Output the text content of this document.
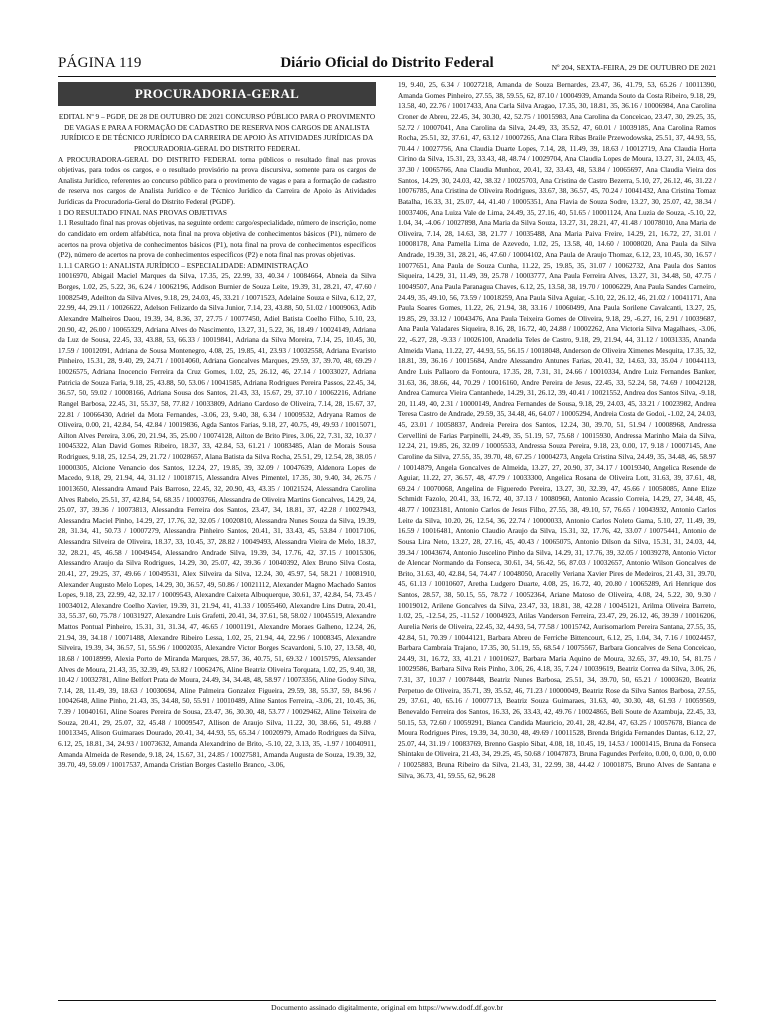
PÁGINA 119	Diário Oficial do Distrito Federal	Nº 204, SEXTA-FEIRA, 29 DE OUTUBRO DE 2021
PROCURADORIA-GERAL
EDITAL Nº 9 – PGDF, DE 28 DE OUTUBRO DE 2021 CONCURSO PÚBLICO PARA O PROVIMENTO DE VAGAS E PARA A FORMAÇÃO DE CADASTRO DE RESERVA NOS CARGOS DE ANALISTA JURÍDICO E DE TÉCNICO JURÍDICO DA CARREIRA DE APOIO ÀS ATIVIDADES JURÍDICAS DA PROCURADORIA-GERAL DO DISTRITO FEDERAL

A PROCURADORA-GERAL DO DISTRITO FEDERAL torna públicos o resultado final nas provas objetivas, para todos os cargos, e o resultado provisório na prova discursiva, somente para os cargos de Analista Jurídico, referentes ao concurso público para o provimento de vagas e para a formação de cadastro de reserva nos cargos de Analista Jurídico e de Técnico Jurídico da Carreira de Apoio às Atividades Jurídicas da Procuradoria-Geral do Distrito Federal (PGDF).

1 DO RESULTADO FINAL NAS PROVAS OBJETIVAS

1.1 Resultado final nas provas objetivas, na seguinte ordem: cargo/especialidade, número de inscrição, nome do candidato em ordem alfabética, nota final na prova objetiva de conhecimentos básicos (P1), número de acertos na prova objetiva de conhecimentos básicos (P1), nota final na prova de conhecimentos específicos (P2), número de acertos na prova de conhecimentos específicos (P2) e nota final nas provas objetivas.

1.1.1 CARGO 1: ANALISTA JURÍDICO – ESPECIALIDADE: ADMINISTRAÇÃO

10016970, Abigail Maciel Marques da Silva, 17.35, 25, 22.99, 33, 40.34 / 10084664, Abneia da Silva Borges, 1.02, 25, 5.22, 36, 6.24 / 10062196, Addison Burnier de Souza Leite, 19.39, 31, 28.21, 47, 47.60 / 10082549, Adeilton da Silva Alves, 9.18, 29, 24.03, 45, 33.21 / 10071523, Adelaine Souza e Silva, 6.12, 27, 22.99, 44, 29.11 / 10026622, Adelson Felizardo da Silva Junior, 7.14, 23, 43.88, 50, 51.02 / 10009063, Adib Alexandre Malheiros Daou, 19.39, 34, 8.36, 37, 27.75 / 10077450, Adiel Batista Coelho Filho, 5.10, 23, 20.90, 42, 26.00 / 10065329, Adriana Alves do Nascimento, 13.27, 31, 5.22, 36, 18.49 / 10024149, Adriana da Luz de Sousa, 22.45, 33, 43.88, 53, 66.33 / 10019841, Adriana da Silva Moreira, 7.14, 25, 10.45, 30, 17.59 / 10012091, Adriana de Sousa Montenegro, 4.08, 25, 19.85, 41, 23.93 / 10032558, Adriana Evaristo Pinheiro, 15.31, 28, 9.40, 29, 24.71 / 10014060, Adriana Goncalves Marques, 29.59, 37, 39.70, 48, 69.29 / 10026575, Adriana Inocencio Ferreira da Cruz Gomes, 1.02, 25, 26.12, 46, 27.14 / 10033027, Adriana Patricia de Souza Faria, 9.18, 25, 43.88, 50, 53.06 / 10041585, Adriana Rodrigues Pereira Passos, 22.45, 34, 36.57, 50, 59.02 / 10008166, Adriana Sousa dos Santos, 21.43, 33, 15.67, 29, 37.10 / 10062216, Adriane Rangel Barbosa, 22.45, 31, 55.37, 58, 77.82 / 10033809, Adriano Cardoso de Oliveira, 7.14, 28, 15.67, 37, 22.81 / 10066430, Adriel da Mota Fernandes, -3.06, 23, 9.40, 38, 6.34 / 10009532, Adryana Ramos de Oliveira, 0.00, 21, 42.84, 54, 42.84 / 10019836, Agda Santos Farias, 9.18, 27, 40.75, 49, 49.93 / 10015071, Ailton Alves Pereira, 3.06, 20, 21.94, 35, 25.00 / 10074128, Ailton de Brito Pires, 3.06, 22, 7.31, 32, 10.37 / 10045322, Alan David Gomes Ribeiro, 18.37, 33, 42.84, 53, 61.21 / 10083485, Alan de Morais Sousa Rodrigues, 9.18, 25, 12.54, 29, 21.72 / 10028657, Alana Batista da Silva Rocha, 25.51, 29, 12.54, 28, 38.05 / 10000305, Alcione Venancio dos Santos, 12.24, 27, 19.85, 39, 32.09 / 10047639, Aldenora Lopes de Macedo, 9.18, 29, 21.94, 44, 31.12 / 10018715, Alessandra Alves Pimentel, 17.35, 30, 9.40, 34, 26.75 / 10013650, Alessandra Amaud Pais Barroso, 22.45, 32, 20.90, 43, 43.35 / 10021524, Alessandra Carolina Alves Rabelo, 25.51, 37, 42.84, 54, 68.35 / 10003766, Alessandra de Oliveira Martins Goncalves, 14.29, 24, 25.07, 37, 39.36 / 10073813, Alessandra Ferreira dos Santos, 23.47, 34, 18.81, 37, 42.28 / 10027943, Alessandra Maciel Pinho, 14.29, 27, 17.76, 32, 32.05 / 10020810, Alessandra Nunes Souza da Silva, 19.39, 28, 31.34, 41, 50.73 / 10007279, Alessandra Pinheiro Santos, 20.41, 31, 33.43, 45, 53.84 / 10017106, Alessandra Silveira de Oliveira, 18.37, 33, 10.45, 37, 28.82 / 10049493, Alessandra Vieira de Melo, 18.37, 32, 28.21, 45, 46.58 / 10049454, Alessandro Andrade Silva, 19.39, 34, 17.76, 42, 37.15 / 10015306, Alessandro Araujo da Silva Rodrigues, 14.29, 30, 25.07, 42, 39.36 / 10040392, Alex Bruno Silva Costa, 20.41, 27, 29.25, 37, 49.66 / 10049531, Alex Silveira da Silva, 12.24, 30, 45.97, 54, 58.21 / 10081910, Alexander Augusto Melo Lopes, 14.29, 30, 36.57, 49, 50.86 / 10021112, Alexander Magno Machado Santos Lopes, 9.18, 23, 22.99, 42, 32.17 / 10009543, Alexandre Caixeta Albuquerque, 30.61, 37, 42.84, 54, 73.45 / 10034012, Alexandre Coelho Xavier, 19.39, 31, 21.94, 41, 41.33 / 10055460, Alexandre Lins Dutra, 20.41, 33, 55.37, 60, 75.78 / 10031927, Alexandre Luis Grafetti, 20.41, 34, 37.61, 58, 58.02 / 10045519, Alexandre Mattos Pontual Pinheiro, 15.31, 31, 31.34, 47, 46.65 / 10001191, Alexandre Moraes Galheno, 12.24, 26, 21.94, 39, 34.18 / 10071488, Alexandre Ribeiro Lessa, 1.02, 25, 21.94, 44, 22.96 / 10008345, Alexandre Silveira, 19.39, 34, 36.57, 51, 55.96 / 10002035, Alexandre Victor Borges Scavardoni, 5.10, 27, 13.58, 40, 18.68 / 10018999, Alexia Porto de Miranda Marques, 28.57, 36, 40.75, 51, 69.32 / 10015795, Alexsander Alves de Moura, 21.43, 35, 32.39, 49, 53.82 / 10062476, Aline Beatriz Oliveira Torquata, 1.02, 25, 9.40, 38, 10.42 / 10032781, Aline Belfort Prata de Moura, 24.49, 34, 34.48, 48, 58.97 / 10073356, Aline Godoy Silva, 7.14, 28, 11.49, 39, 18.63 / 10030694, Aline Palmeira Gonzalez Figueira, 29.59, 38, 55.37, 59, 84.96 / 10042648, Aline Pinho, 21.43, 35, 34.48, 50, 55.91 / 10010489, Aline Santos Ferreira, -3.06, 21, 10.45, 36, 7.39 / 10040161, Aline Soares Pereira de Sousa, 23.47, 36, 30.30, 48, 53.77 / 10029462, Aline Teixeira de Souza, 20.41, 29, 25.07, 32, 45.48 / 10009547, Allison de Araujo Silva, 11.22, 30, 38.66, 51, 49.88 / 10013345, Alison Guimaraes Dourado, 20.41, 34, 44.93, 55, 65.34 / 10020979, Amado Rodrigues da Silva, 6.12, 25, 18.81, 34, 24.93 / 10073632, Amanda Alexandrino de Brito, -5.10, 22, 3.13, 35, -1.97 / 10040911, Amanda Almeida de Resende, 9.18, 24, 15.67, 31, 24.85 / 10027581, Amanda Augusta de Souza, 19.39, 32, 39.70, 49, 59.09 / 10017537, Amanda Cristian Borges Castello Branco, -3.06,

19, 9.40, 25, 6.34 / 10027218, Amanda de Souza Bernardes, 23.47, 36, 41.79, 53, 65.26 / 10011390, Amanda Gomes Pinheiro, 27.55, 38, 59.55, 62, 87.10 / 10004939, Amanda Souto da Costa Ribeiro, 9.18, 29, 13.58, 40, 22.76 / 10017433, Ana Carla Silva Aragao, 17.35, 30, 18.81, 35, 36.16 / 10006984, Ana Carolina Croner de Abreu, 22.45, 34, 30.30, 42, 52.75 / 10015983, Ana Carolina da Conceicao, 23.47, 30, 29.25, 35, 52.72 / 10007041, Ana Carolina da Silva, 24.49, 33, 35.52, 47, 60.01 / 10039185, Ana Carolina Ramos Rocha, 25.51, 32, 37.61, 47, 63.12 / 10007265, Ana Clara Ribas Braile Przewodowska, 25.51, 37, 44.93, 55, 70.44 / 10027756, Ana Claudia Duarte Lopes, 7.14, 28, 11.49, 39, 18.63 / 10012719, Ana Claudia Horta Cirino da Silva, 15.31, 23, 33.43, 48, 48.74 / 10029704, Ana Claudia Lopes de Moura, 13.27, 31, 24.03, 45, 37.30 / 10065766, Ana Claudia Munhoz, 20.41, 32, 33.43, 48, 53.84 / 10065697, Ana Claudia Vieira dos Santos, 14.29, 30, 24.03, 42, 38.32 / 10025703, Ana Cristina de Castro Bezerra, 5.10, 27, 26.12, 46, 31.22 / 10076785, Ana Cristina de Oliveira Rodrigues, 33.67, 38, 36.57, 45, 70.24 / 10041432, Ana Cristina Tomaz Batalha, 16.33, 31, 25.07, 44, 41.40 / 10005351, Ana Flavia de Souza Sodre, 13.27, 30, 25.07, 42, 38.34 / 10037406, Ana Luiza Vale de Lima, 24.49, 35, 27.16, 40, 51.65 / 10001124, Ana Luzia de Souza, -5.10, 22, 1.04, 34, -4.06 / 10027898, Ana Maria da Silva Souza, 13.27, 31, 28.21, 47, 41.48 / 10078010, Ana Maria de Oliveira, 7.14, 28, 14.63, 38, 21.77 / 10035488, Ana Maria Paiva Freire, 14.29, 21, 16.72, 27, 31.01 / 10008178, Ana Pamella Lima de Azevedo, 1.02, 25, 13.58, 40, 14.60 / 10008020, Ana Paula da Silva Andrade, 19.39, 31, 28.21, 46, 47.60 / 10004102, Ana Paula de Araujo Thomaz, 6.12, 23, 10.45, 30, 16.57 / 10077651, Ana Paula de Souza Cunha, 11.22, 25, 19.85, 35, 31.07 / 10062732, Ana Paula dos Santos Siqueira, 14.29, 31, 11.49, 39, 25.78 / 10003777, Ana Paula Ferreira Alves, 13.27, 31, 34.48, 50, 47.75 / 10049507, Ana Paula Paranagua Chaves, 6.12, 25, 13.58, 38, 19.70 / 10006229, Ana Paula Sandes Carneiro, 24.49, 35, 49.10, 56, 73.59 / 10018259, Ana Paula Silva Aguiar, -5.10, 22, 26.12, 46, 21.02 / 10041171, Ana Paula Soares Gomes, 11.22, 26, 21.94, 38, 33.16 / 10060499, Ana Paula Sorilene Cavalcanti, 13.27, 25, 19.85, 29, 33.12 / 10043476, Ana Paula Teixeira Gomes de Oliveira, 9.18, 29, -6.27, 16, 2.91 / 10039687, Ana Paula Valadares Siqueira, 8.16, 28, 16.72, 40, 24.88 / 10002262, Ana Victoria Silva Magalhaes, -3.06, 22, -6.27, 28, -9.33 / 10026100, Anadelia Teles de Castro, 9.18, 29, 21.94, 44, 31.12 / 10031335, Ananda Almeida Viana, 11.22, 27, 44.93, 55, 56.15 / 10018048, Anderson de Oliveira Ximenes Mesquita, 17.35, 32, 18.81, 39, 36.16 / 10015684, Andre Alessandro Antunes Farias, 20.41, 32, 14.63, 33, 35.04 / 10044113, Andre Luis Pallaoro da Fontoura, 17.35, 28, 7.31, 31, 24.66 / 10010334, Andre Luiz Fernandes Banker, 31.63, 36, 38.66, 44, 70.29 / 10016160, Andre Pereira de Jesus, 22.45, 33, 52.24, 58, 74.69 / 10042128, Andrea Camurca Vieira Cantanhede, 14.29, 31, 26.12, 39, 40.41 / 10021552, Andrea dos Santos Silva, -9.18, 20, 11.49, 40, 2.31 / 10000149, Andrea Fernandes de Sousa, 9.18, 29, 24.03, 45, 33.21 / 10023982, Andrea Teresa Castro de Andrade, 29.59, 35, 34.48, 46, 64.07 / 10005294, Andreia Costa de Godoi, -1.02, 24, 24.03, 45, 23.01 / 10058837, Andreia Pereira dos Santos, 12.24, 30, 39.70, 51, 51.94 / 10008968, Andressa Cervellini de Farias Parpinelli, 24.49, 35, 51.19, 57, 75.68 / 10015930, Andressa Marinho Maia da Silva, 12.24, 21, 19.85, 26, 32.09 / 10005533, Andressa Souza Pereira, 9.18, 23, 0.00, 17, 9.18 / 10007145, Ane Caroline da Silva, 27.55, 35, 39.70, 48, 67.25 / 10004273, Angela Cristina Silva, 24.49, 35, 34.48, 46, 58.97 / 10014879, Angela Goncalves de Almeida, 13.27, 27, 20.90, 37, 34.17 / 10019340, Angelica Resende de Aguiar, 11.22, 27, 36.57, 48, 47.79 / 10033300, Angelica Rosana de Oliveira Lott, 31.63, 39, 37.61, 48, 69.24 / 10070068, Angelina de Figueredo Pereira, 13.27, 30, 32.39, 47, 45.66 / 10058085, Anne Elize Schmidt Fazolo, 20.41, 33, 16.72, 40, 37.13 / 10080960, Antonio Acassio Correia, 14.29, 27, 34.48, 45, 48.77 / 10023181, Antonio Carlos de Jesus Filho, 27.55, 38, 49.10, 57, 76.65 / 10043932, Antonio Carlos Leite da Silva, 10.20, 26, 12.54, 36, 22.74 / 10000033, Antonio Carlos Noleto Gama, 5.10, 27, 11.49, 39, 16.59 / 10016481, Antonio Claudio Araujo da Silva, 15.31, 32, 17.76, 42, 33.07 / 10075441, Antonio de Sousa Lira Neto, 13.27, 28, 27.16, 45, 40.43 / 10065075, Antonio Dilson da Silva, 15.31, 31, 24.03, 44, 39.34 / 10043674, Antonio Juscelino Pinho da Silva, 14.29, 31, 17.76, 39, 32.05 / 10039278, Antonio Victor de Alencar Normando da Fonseca, 30.61, 34, 56.42, 56, 87.03 / 10032657, Antonio Wilson Goncalves de Brito, 31.63, 40, 42.84, 54, 74.47 / 10048050, Aracelly Veriana Xavier Pires de Medeiros, 21.43, 31, 39.70, 45, 61.13 / 10010607, Aretha Ludgero Duarte, 4.08, 25, 16.72, 40, 20.80 / 10065289, Ari Henrique dos Santos, 28.57, 38, 50.15, 55, 78.72 / 10052364, Ariane Matoso de Oliveira, 4.08, 24, 5.22, 30, 9.30 / 10019012, Arilene Goncalves da Silva, 23.47, 33, 18.81, 38, 42.28 / 10045121, Arilma Oliveira Barreto, 1.02, 25, -12.54, 25, -11.52 / 10004923, Atilas Vanderson Ferreira, 23.47, 29, 26.12, 46, 39.39 / 10016206, Aurelia Neris de Oliveira, 22.45, 32, 44.93, 54, 77.58 / 10015742, Aurisomarlom Pereira Santana, 27.55, 35, 42.84, 51, 70.39 / 10044121, Barbara Abreu de Ferriche Bittencourt, 6.12, 25, 1.04, 34, 7.16 / 10024457, Barbara Cambraia Trajano, 17.35, 30, 51.19, 55, 68.54 / 10075567, Barbara Goncalves de Sena Conceicao, 24.49, 31, 16.72, 33, 41.21 / 10010627, Barbara Maria Aquino de Moura, 32.65, 37, 49.10, 54, 81.75 / 10029586, Barbara Silva Reis Pinho, 3.06, 26, 4.18, 35, 7.24 / 10039619, Beatriz Correa da Silva, 3.06, 26, 7.31, 37, 10.37 / 10078448, Beatriz Nunes Barbosa, 25.51, 34, 39.70, 50, 65.21 / 10003620, Beatriz Perpetuo de Oliveira, 35.71, 39, 35.52, 46, 71.23 / 10000049, Beatriz Rose da Silva Santos Barbosa, 27.55, 29, 37.61, 40, 65.16 / 10007713, Beatriz Souza Guimaraes, 31.63, 40, 30.30, 48, 61.93 / 10059569, Benevaldo Ferreira dos Santos, 16.33, 26, 33.43, 42, 49.76 / 10024865, Beli Soute de Azambuja, 22.45, 33, 50.15, 53, 72.60 / 10059291, Bianca Candida Mauricio, 20.41, 28, 42.84, 47, 63.25 / 10057678, Bianca de Moura Rodrigues Pires, 19.39, 34, 30.30, 48, 49.69 / 10011528, Brenda Brigida Fernandes Dantas, 6.12, 27, 25.07, 44, 31.19 / 10083769, Brenno Gaspio Sibat, 4.08, 18, 10.45, 19, 14.53 / 10001415, Bruna da Fonseca Shintaku de Oliveira, 21.43, 34, 29.25, 45, 50.68 / 10047873, Bruna Fagundes Perfeito, 0.00, 0, 0.00, 0, 0.00 / 10025883, Bruna Ribeiro da Silva, 21.43, 31, 22.99, 38, 44.42 / 10001875, Bruno Alves de Santana e Silva, 36.73, 41, 59.55, 62, 96.28

Documento assinado digitalmente, original em https://www.dodf.df.gov.br
